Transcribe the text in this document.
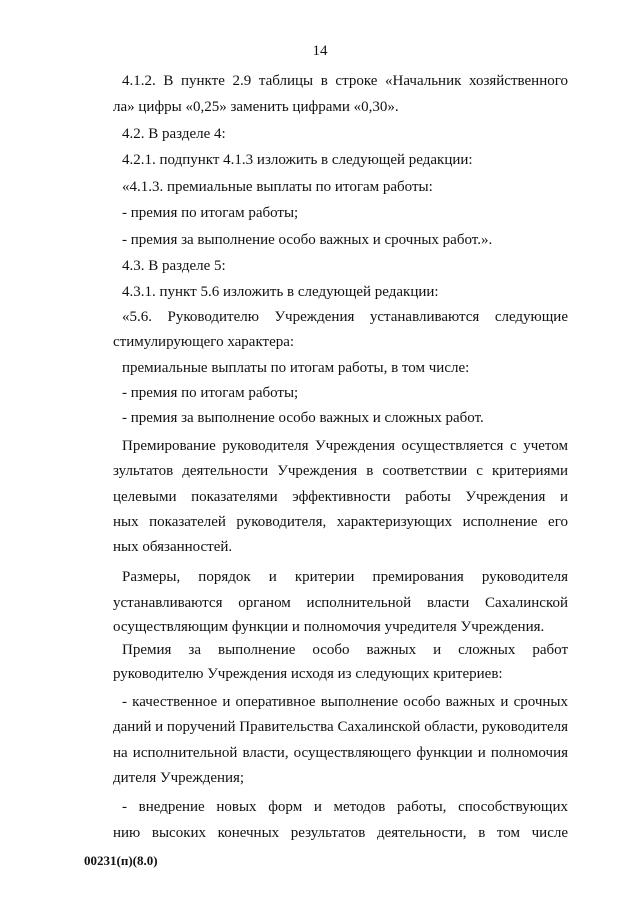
14
4.1.2. В пункте 2.9 таблицы в строке «Начальник хозяйственного
ла» цифры «0,25» заменить цифрами «0,30».
4.2. В разделе 4:
4.2.1. подпункт 4.1.3 изложить в следующей редакции:
«4.1.3. премиальные выплаты по итогам работы:
- премия по итогам работы;
- премия за выполнение особо важных и срочных работ.».
4.3. В разделе 5:
4.3.1. пункт 5.6 изложить в следующей редакции:
«5.6. Руководителю Учреждения устанавливаются следующие
стимулирующего характера:
премиальные выплаты по итогам работы, в том числе:
- премия по итогам работы;
- премия за выполнение особо важных и сложных работ.
Премирование руководителя Учреждения осуществляется с учетом
зультатов деятельности Учреждения в соответствии с критериями
целевыми показателями эффективности работы Учреждения и
ных показателей руководителя, характеризующих исполнение его
ных обязанностей.
Размеры, порядок и критерии премирования руководителя
устанавливаются органом исполнительной власти Сахалинской
осуществляющим функции и полномочия учредителя Учреждения.
Премия за выполнение особо важных и сложных работ
руководителю Учреждения исходя из следующих критериев:
- качественное и оперативное выполнение особо важных и срочных
даний и поручений Правительства Сахалинской области, руководителя
на исполнительной власти, осуществляющего функции и полномочия
дителя Учреждения;
- внедрение новых форм и методов работы, способствующих
нию высоких конечных результатов деятельности, в том числе
00231(п)(8.0)
